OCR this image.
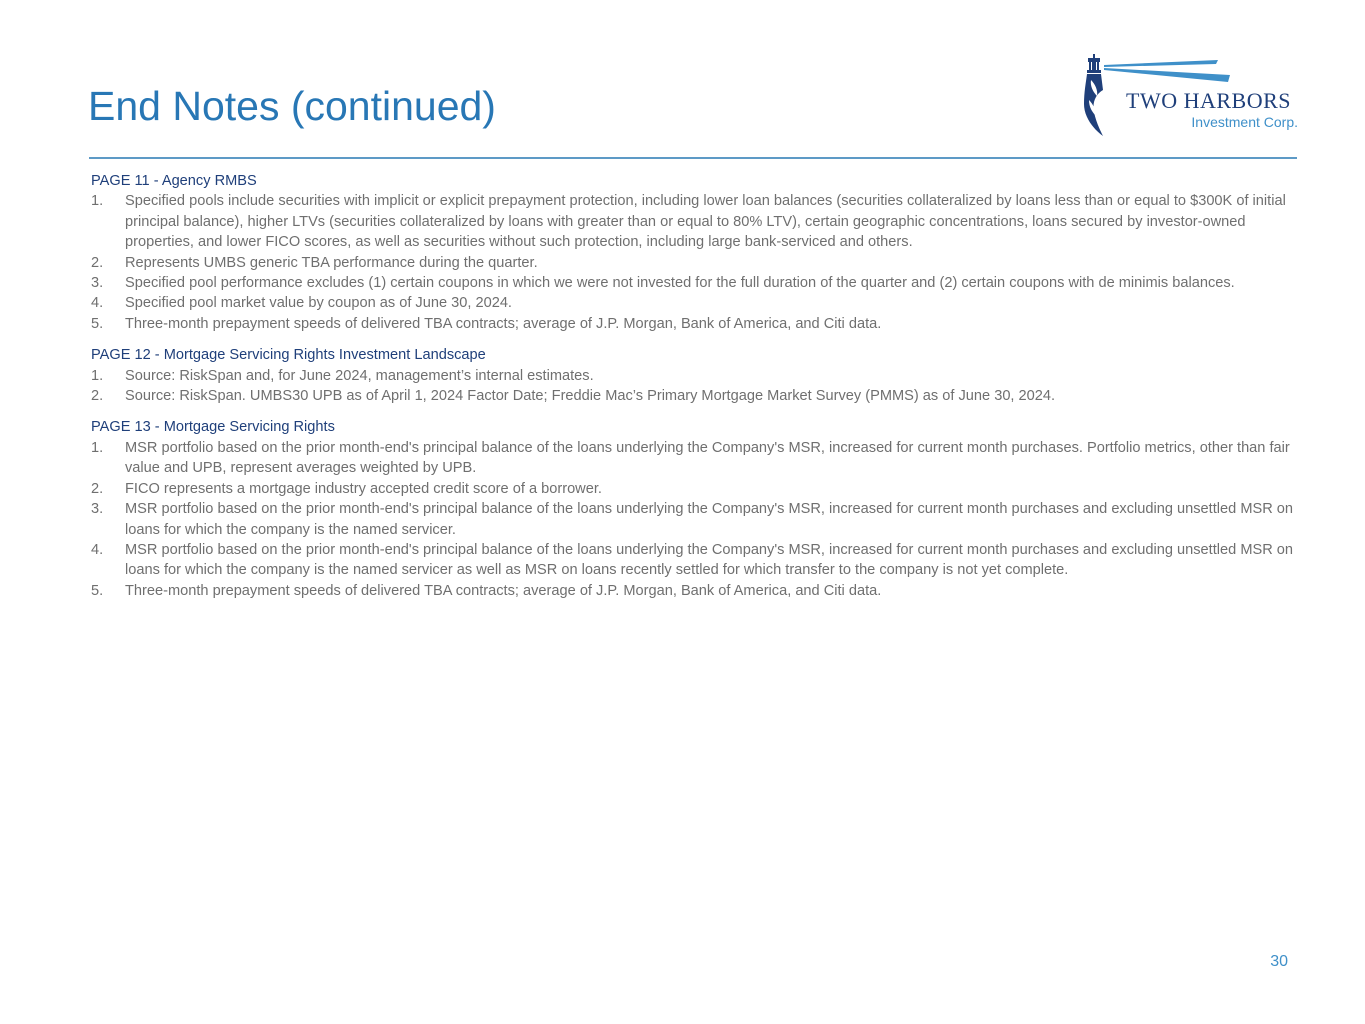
End Notes (continued)	TWO HARBORS
Investment Corp.
PAGE 11 - Agency RMBS
1. Specified pools include securities with implicit or explicit prepayment protection, including lower loan balances (securities collateralized by loans less than or equal to $300K of initial principal balance), higher LTVs (securities collateralized by loans with greater than or equal to 80% LTV), certain geographic concentrations, loans secured by investor-owned properties, and lower FICO scores, as well as securities without such protection, including large bank-serviced and others.
2. Represents UMBS generic TBA performance during the quarter.
3. Specified pool performance excludes (1) certain coupons in which we were not invested for the full duration of the quarter and (2) certain coupons with de minimis balances.
4. Specified pool market value by coupon as of June 30, 2024.
5. Three-month prepayment speeds of delivered TBA contracts; average of J.P. Morgan, Bank of America, and Citi data.
PAGE 12 - Mortgage Servicing Rights Investment Landscape
1. Source: RiskSpan and, for June 2024, management’s internal estimates.
2. Source: RiskSpan. UMBS30 UPB as of April 1, 2024 Factor Date; Freddie Mac’s Primary Mortgage Market Survey (PMMS) as of June 30, 2024.
PAGE 13 - Mortgage Servicing Rights
1. MSR portfolio based on the prior month-end's principal balance of the loans underlying the Company's MSR, increased for current month purchases. Portfolio metrics, other than fair value and UPB, represent averages weighted by UPB.
2. FICO represents a mortgage industry accepted credit score of a borrower.
3. MSR portfolio based on the prior month-end's principal balance of the loans underlying the Company's MSR, increased for current month purchases and excluding unsettled MSR on loans for which the company is the named servicer.
4. MSR portfolio based on the prior month-end's principal balance of the loans underlying the Company's MSR, increased for current month purchases and excluding unsettled MSR on loans for which the company is the named servicer as well as MSR on loans recently settled for which transfer to the company is not yet complete.
5. Three-month prepayment speeds of delivered TBA contracts; average of J.P. Morgan, Bank of America, and Citi data.
30
